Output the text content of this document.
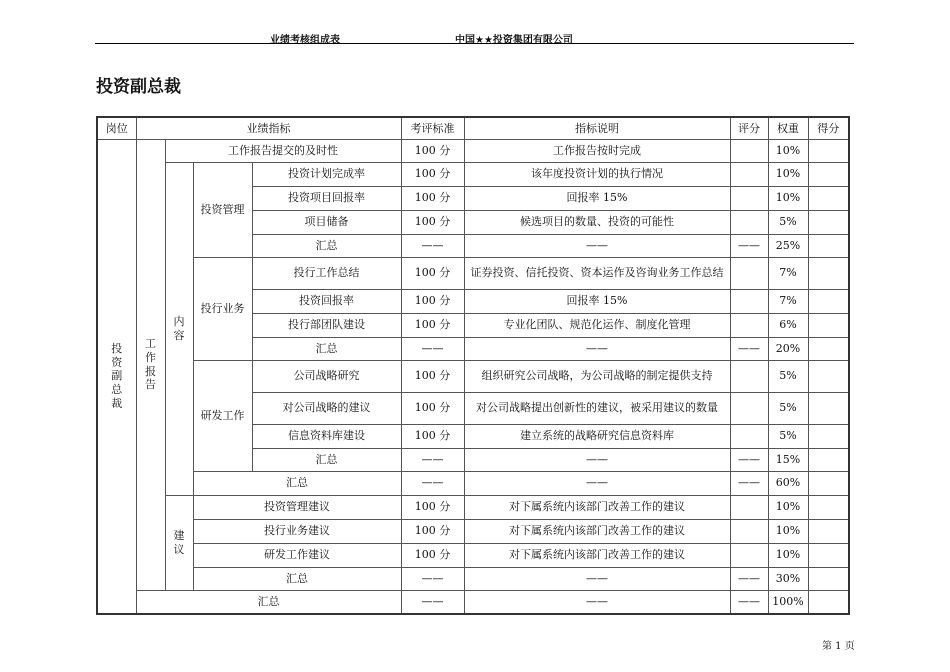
业绩考核组成表	中国★★投资集团有限公司
投资副总裁
岗位	业绩指标				考评标准	指标说明	评分	权重	得分
投资副总裁	工作报告	工作报告提交的及时性			100 分	工作报告按时完成		10%	
		内容	投资管理	投资计划完成率	100 分	该年度投资计划的执行情况		10%	
				投资项目回报率	100 分	回报率 15%		10%	
				项目储备	100 分	候选项目的数量、投资的可能性		5%	
				汇总	——	——	——	25%	
			投行业务	投行工作总结	100 分	证券投资、信托投资、资本运作及咨询业务工作总结		7%	
				投资回报率	100 分	回报率 15%		7%	
				投行部团队建设	100 分	专业化团队、规范化运作、制度化管理		6%	
				汇总	——	——	——	20%	
			研发工作	公司战略研究	100 分	组织研究公司战略，为公司战略的制定提供支持		5%	
				对公司战略的建议	100 分	对公司战略提出创新性的建议，被采用建议的数量		5%	
				信息资料库建设	100 分	建立系统的战略研究信息资料库		5%	
				汇总	——	——	——	15%	
			汇总		——	——	——	60%	
		建议	投资管理建议		100 分	对下属系统内该部门改善工作的建议		10%	
			投行业务建议		100 分	对下属系统内该部门改善工作的建议		10%	
			研发工作建议		100 分	对下属系统内该部门改善工作的建议		10%	
			汇总		——	——	——	30%	
	汇总				——	——	——	100%	
第 1 页
